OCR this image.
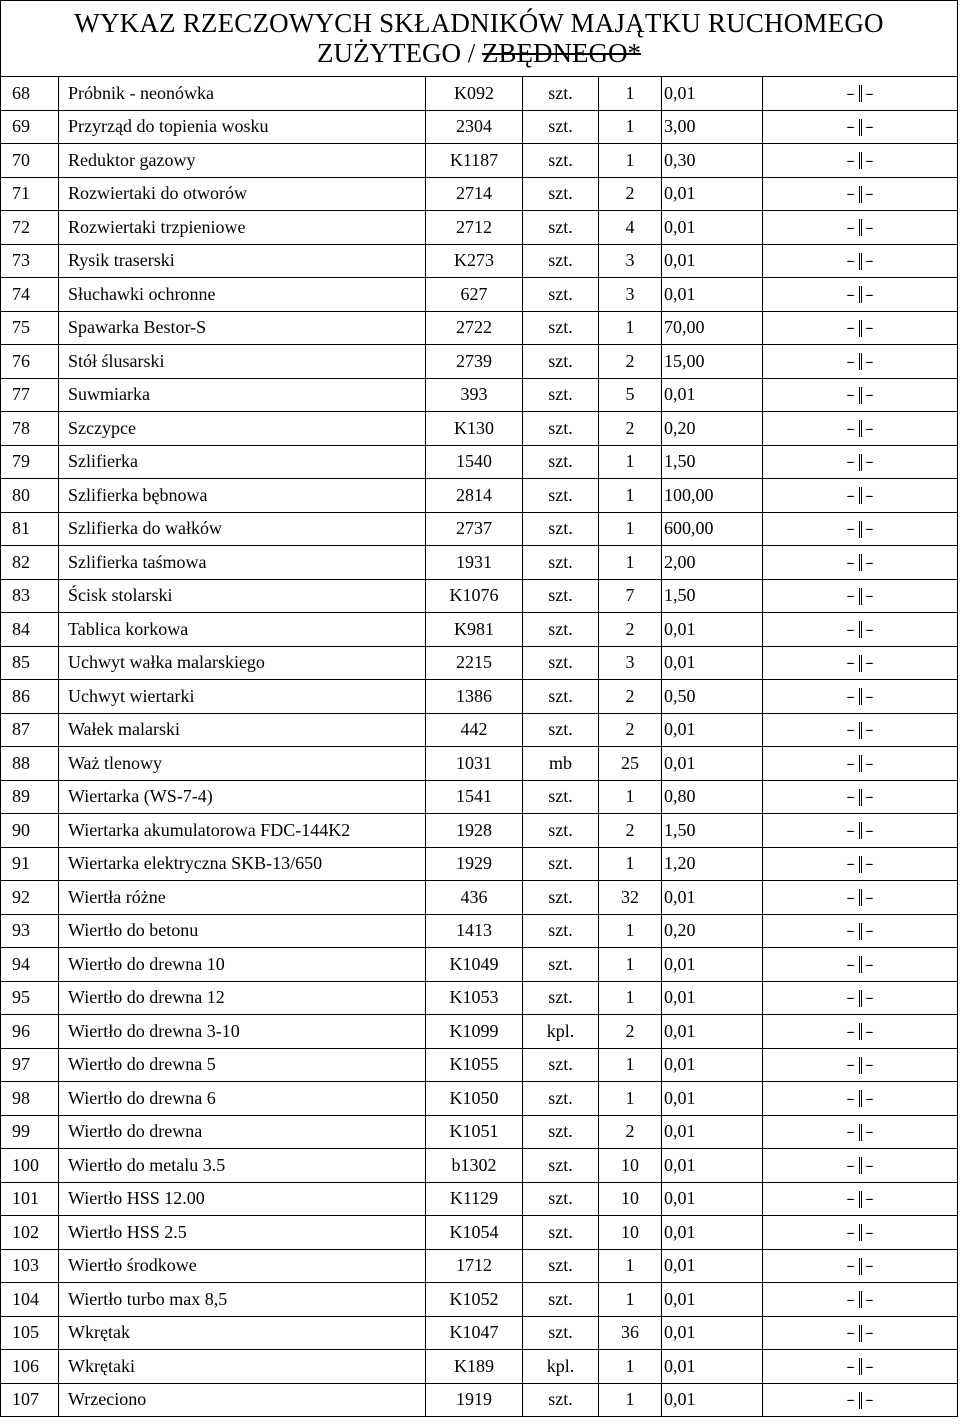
WYKAZ RZECZOWYCH SKŁADNIKÓW MAJĄTKU RUCHOMEGO
ZUŻYTEGO / ZBĘDNEGO*
68	Próbnik - neonówka	K092	szt.	1	0,01	– –
69	Przyrząd do topienia wosku	2304	szt.	1	3,00	– –
70	Reduktor gazowy	K1187	szt.	1	0,30	– –
71	Rozwiertaki do otworów	2714	szt.	2	0,01	– –
72	Rozwiertaki trzpieniowe	2712	szt.	4	0,01	– –
73	Rysik traserski	K273	szt.	3	0,01	– –
74	Słuchawki ochronne	627	szt.	3	0,01	– –
75	Spawarka Bestor-S	2722	szt.	1	70,00	– –
76	Stół ślusarski	2739	szt.	2	15,00	– –
77	Suwmiarka	393	szt.	5	0,01	– –
78	Szczypce	K130	szt.	2	0,20	– –
79	Szlifierka	1540	szt.	1	1,50	– –
80	Szlifierka bębnowa	2814	szt.	1	100,00	– –
81	Szlifierka do wałków	2737	szt.	1	600,00	– –
82	Szlifierka taśmowa	1931	szt.	1	2,00	– –
83	Ścisk stolarski	K1076	szt.	7	1,50	– –
84	Tablica korkowa	K981	szt.	2	0,01	– –
85	Uchwyt wałka malarskiego	2215	szt.	3	0,01	– –
86	Uchwyt wiertarki	1386	szt.	2	0,50	– –
87	Wałek malarski	442	szt.	2	0,01	– –
88	Waż tlenowy	1031	mb	25	0,01	– –
89	Wiertarka (WS-7-4)	1541	szt.	1	0,80	– –
90	Wiertarka akumulatorowa FDC-144K2	1928	szt.	2	1,50	– –
91	Wiertarka elektryczna SKB-13/650	1929	szt.	1	1,20	– –
92	Wiertła różne	436	szt.	32	0,01	– –
93	Wiertło do betonu	1413	szt.	1	0,20	– –
94	Wiertło do drewna 10	K1049	szt.	1	0,01	– –
95	Wiertło do drewna 12	K1053	szt.	1	0,01	– –
96	Wiertło do drewna 3-10	K1099	kpl.	2	0,01	– –
97	Wiertło do drewna 5	K1055	szt.	1	0,01	– –
98	Wiertło do drewna 6	K1050	szt.	1	0,01	– –
99	Wiertło do drewna	K1051	szt.	2	0,01	– –
100	Wiertło do metalu 3.5	b1302	szt.	10	0,01	– –
101	Wiertło HSS 12.00	K1129	szt.	10	0,01	– –
102	Wiertło HSS 2.5	K1054	szt.	10	0,01	– –
103	Wiertło środkowe	1712	szt.	1	0,01	– –
104	Wiertło turbo max 8,5	K1052	szt.	1	0,01	– –
105	Wkrętak	K1047	szt.	36	0,01	– –
106	Wkrętaki	K189	kpl.	1	0,01	– –
107	Wrzeciono	1919	szt.	1	0,01	– –
